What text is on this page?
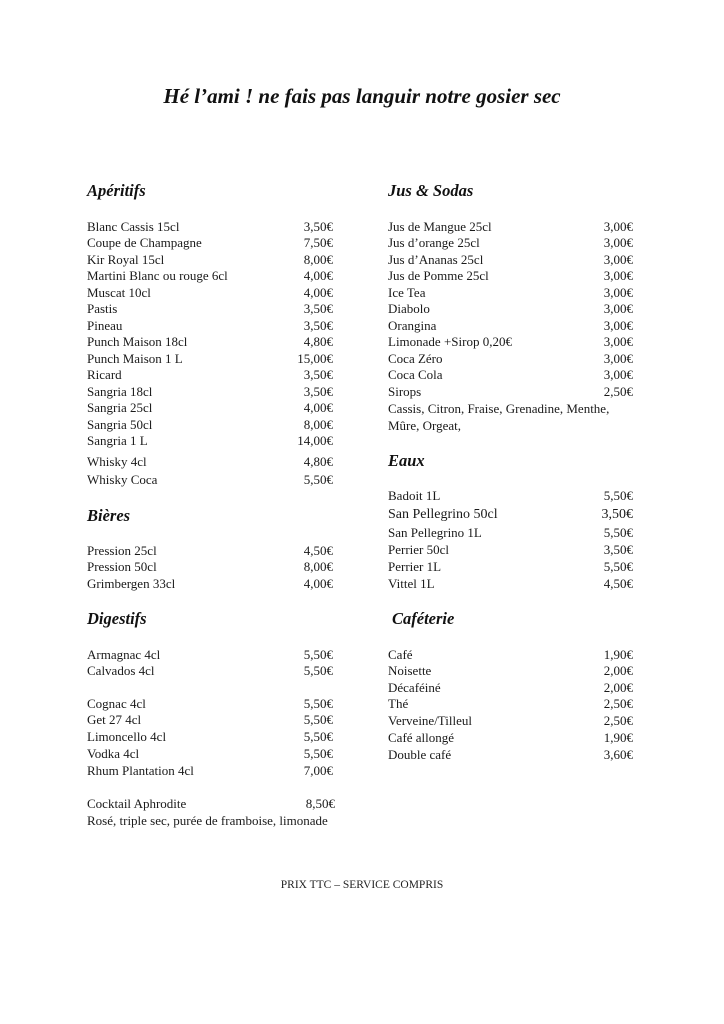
Hé l’ami ! ne fais pas languir notre gosier sec
Apéritifs
Blanc Cassis 15cl	3,50€
Coupe de Champagne	7,50€
Kir Royal 15cl	8,00€
Martini Blanc ou rouge 6cl	4,00€
Muscat 10cl	4,00€
Pastis	3,50€
Pineau	3,50€
Punch Maison 18cl	4,80€
Punch Maison 1 L	15,00€
Ricard	3,50€
Sangria 18cl	3,50€
Sangria 25cl	4,00€
Sangria 50cl	8,00€
Sangria 1 L	14,00€
Whisky 4cl	4,80€
Whisky Coca	5,50€
Bières
Pression 25cl	4,50€
Pression 50cl	8,00€
Grimbergen 33cl	4,00€
Digestifs
Armagnac 4cl	5,50€
Calvados 4cl	5,50€
Cognac 4cl	5,50€
Get 27 4cl	5,50€
Limoncello 4cl	5,50€
Vodka 4cl	5,50€
Rhum Plantation 4cl	7,00€
Cocktail Aphrodite	8,50€
Rosé, triple sec, purée de framboise, limonade
Jus & Sodas
Jus de Mangue 25cl	3,00€
Jus d’orange 25cl	3,00€
Jus d’Ananas 25cl	3,00€
Jus de Pomme 25cl	3,00€
Ice Tea	3,00€
Diabolo	3,00€
Orangina	3,00€
Limonade +Sirop 0,20€	3,00€
Coca Zéro	3,00€
Coca Cola	3,00€
Sirops	2,50€
Cassis, Citron, Fraise, Grenadine, Menthe,
Mûre, Orgeat,
Eaux
Badoit 1L	5,50€
San Pellegrino 50cl	3,50€
San Pellegrino 1L	5,50€
Perrier 50cl	3,50€
Perrier 1L	5,50€
Vittel 1L	4,50€
Caféterie
Café	1,90€
Noisette	2,00€
Décaféiné	2,00€
Thé	2,50€
Verveine/Tilleul	2,50€
Café allongé	1,90€
Double café	3,60€
PRIX TTC – SERVICE COMPRIS
